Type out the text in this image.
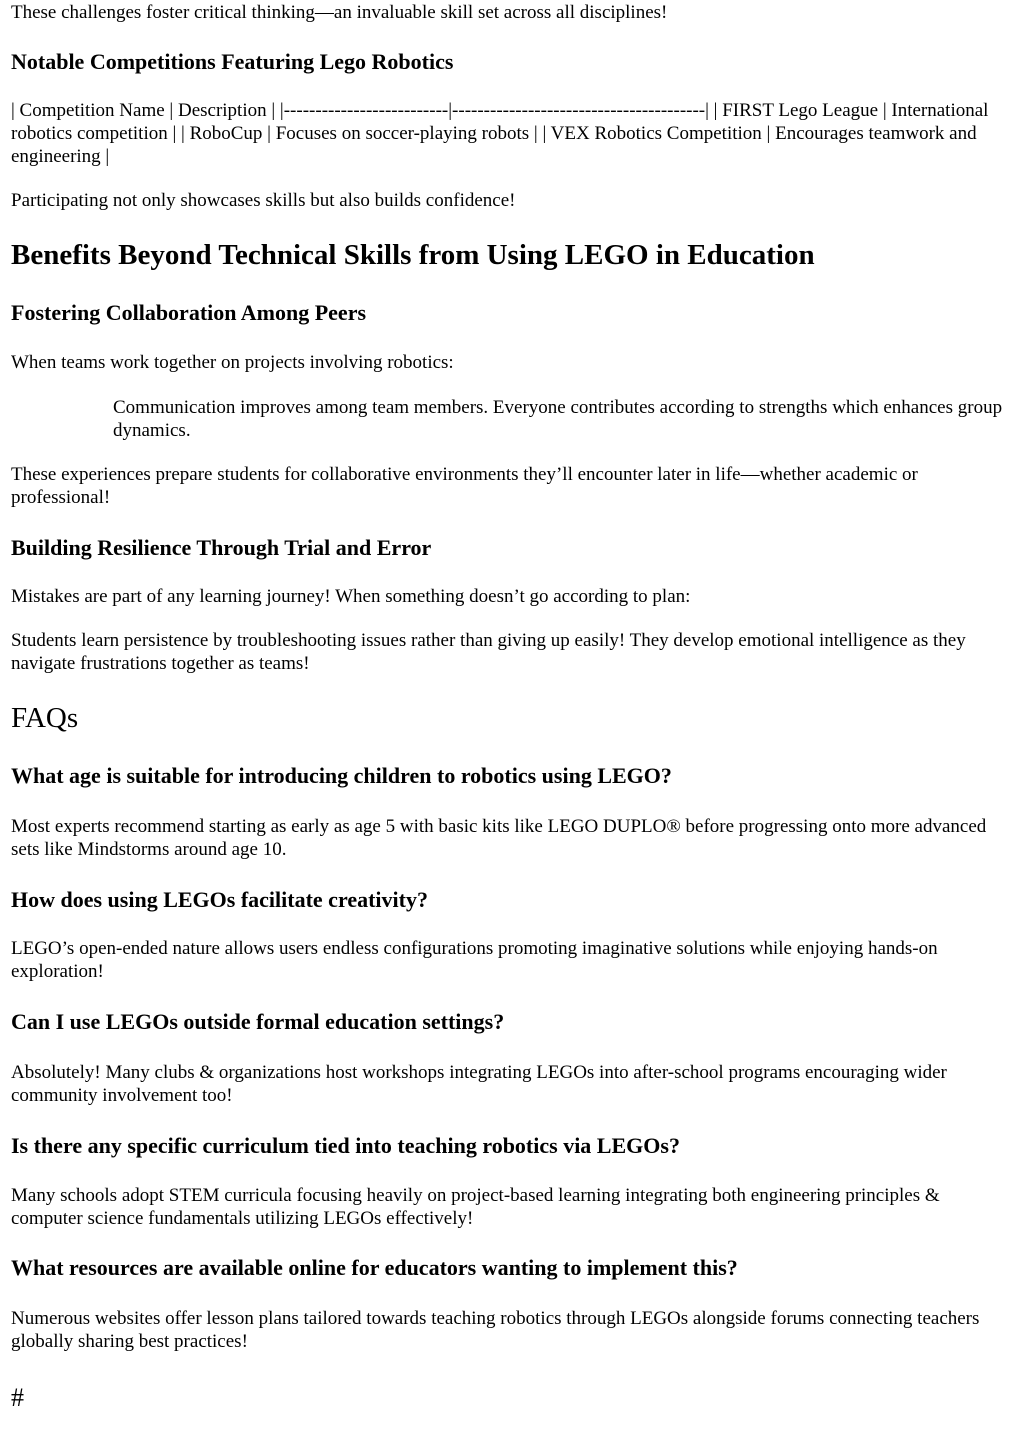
These challenges foster critical thinking—an invaluable skill set across all disciplines!

Notable Competitions Featuring Lego Robotics

| Competition Name | Description | |--------------------------|----------------------------------------| | FIRST Lego League | International robotics competition | | RoboCup | Focuses on soccer-playing robots | | VEX Robotics Competition | Encourages teamwork and engineering |

Participating not only showcases skills but also builds confidence!

Benefits Beyond Technical Skills from Using LEGO in Education
Fostering Collaboration Among Peers

When teams work together on projects involving robotics:

Communication improves among team members. Everyone contributes according to strengths which enhances group dynamics.

These experiences prepare students for collaborative environments they’ll encounter later in life—whether academic or professional!

Building Resilience Through Trial and Error

Mistakes are part of any learning journey! When something doesn’t go according to plan:

Students learn persistence by troubleshooting issues rather than giving up easily! They develop emotional intelligence as they navigate frustrations together as teams!

FAQs
What age is suitable for introducing children to robotics using LEGO?

Most experts recommend starting as early as age 5 with basic kits like LEGO DUPLO® before progressing onto more advanced sets like Mindstorms around age 10.

How does using LEGOs facilitate creativity?

LEGO’s open-ended nature allows users endless configurations promoting imaginative solutions while enjoying hands-on exploration!

Can I use LEGOs outside formal education settings?

Absolutely! Many clubs & organizations host workshops integrating LEGOs into after-school programs encouraging wider community involvement too!

Is there any specific curriculum tied into teaching robotics via LEGOs?

Many schools adopt STEM curricula focusing heavily on project-based learning integrating both engineering principles & computer science fundamentals utilizing LEGOs effectively!

What resources are available online for educators wanting to implement this?

Numerous websites offer lesson plans tailored towards teaching robotics through LEGOs alongside forums connecting teachers globally sharing best practices!

#
